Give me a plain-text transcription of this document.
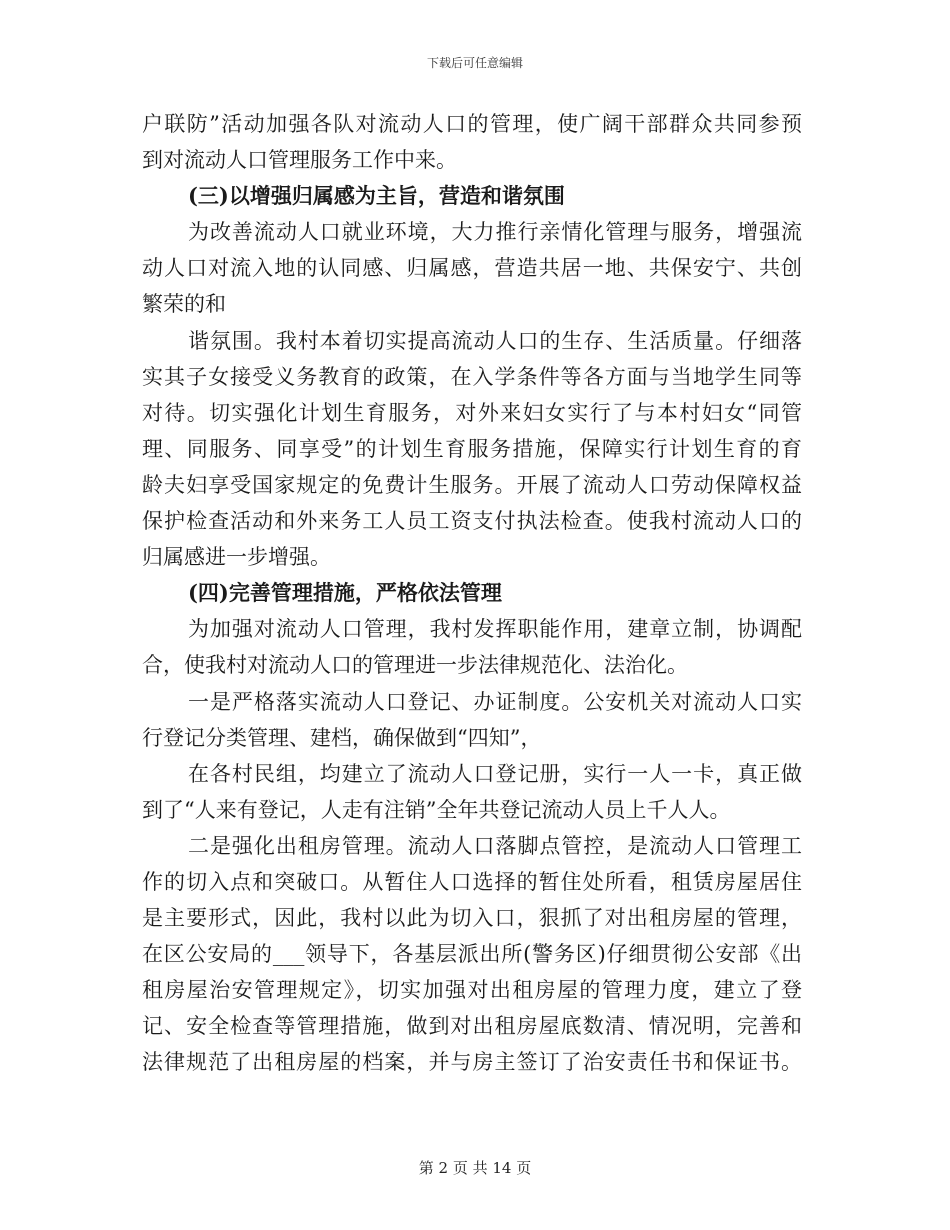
下载后可任意编辑
户联防”活动加强各队对流动人口的管理，使广阔干部群众共同参预
到对流动人口管理服务工作中来。
(三)以增强归属感为主旨，营造和谐氛围
为改善流动人口就业环境，大力推行亲情化管理与服务，增强流
动人口对流入地的认同感、归属感，营造共居一地、共保安宁、共创
繁荣的和
谐氛围。我村本着切实提高流动人口的生存、生活质量。仔细落
实其子女接受义务教育的政策，在入学条件等各方面与当地学生同等
对待。切实强化计划生育服务，对外来妇女实行了与本村妇女“同管
理、同服务、同享受”的计划生育服务措施，保障实行计划生育的育
龄夫妇享受国家规定的免费计生服务。开展了流动人口劳动保障权益
保护检查活动和外来务工人员工资支付执法检查。使我村流动人口的
归属感进一步增强。
(四)完善管理措施，严格依法管理
为加强对流动人口管理，我村发挥职能作用，建章立制，协调配
合，使我村对流动人口的管理进一步法律规范化、法治化。
一是严格落实流动人口登记、办证制度。公安机关对流动人口实
行登记分类管理、建档，确保做到“四知”，
在各村民组，均建立了流动人口登记册，实行一人一卡，真正做
到了“人来有登记，人走有注销”全年共登记流动人员上千人人。
二是强化出租房管理。流动人口落脚点管控，是流动人口管理工
作的切入点和突破口。从暂住人口选择的暂住处所看，租赁房屋居住
是主要形式，因此，我村以此为切入口，狠抓了对出租房屋的管理，
在区公安局的___领导下，各基层派出所(警务区)仔细贯彻公安部《出
租房屋治安管理规定》，切实加强对出租房屋的管理力度，建立了登
记、安全检查等管理措施，做到对出租房屋底数清、情况明，完善和
法律规范了出租房屋的档案，并与房主签订了治安责任书和保证书。
第 2 页 共 14 页
